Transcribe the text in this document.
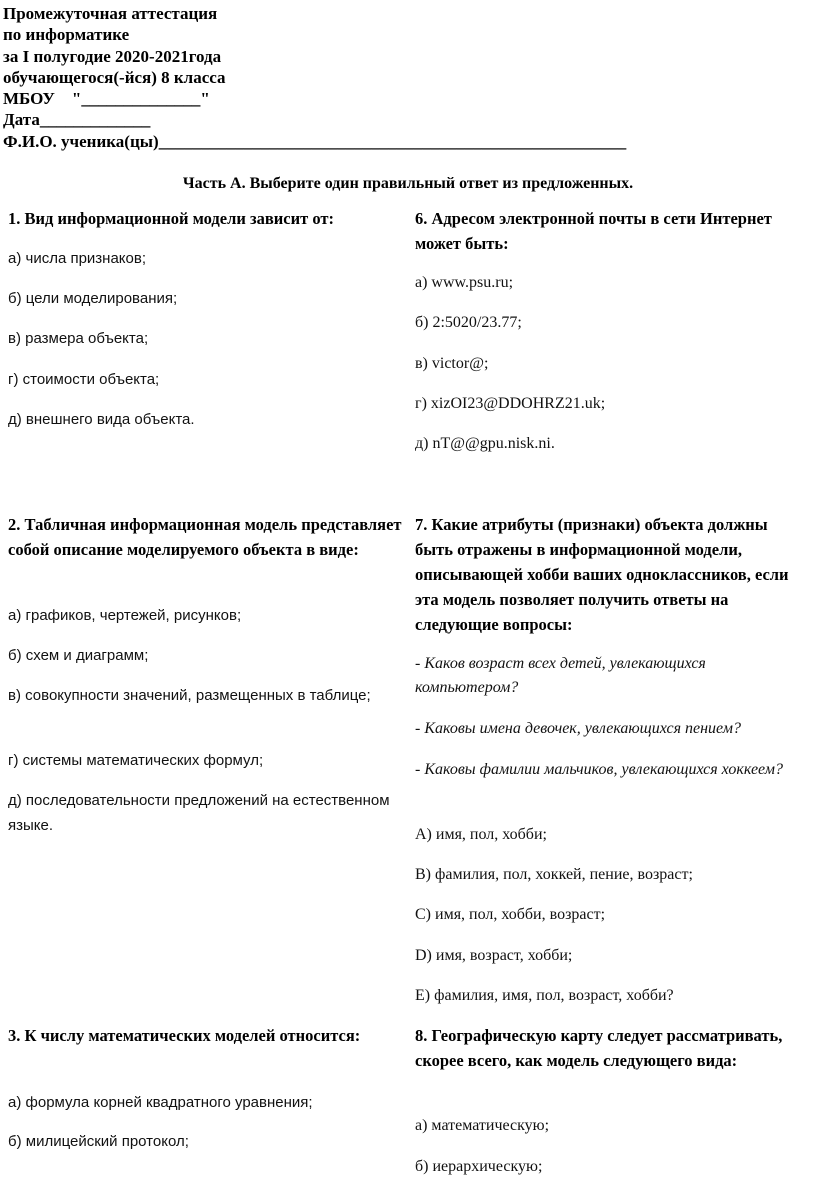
Промежуточная аттестация
по информатике
за I полугодие 2020-2021года
обучающегося(-йся) 8 класса
МБОУ    "______________"
Дата_____________
Ф.И.О. ученика(цы)_______________________________________________________
Часть А. Выберите один правильный ответ из предложенных.
1. Вид информационной модели зависит от:
а) числа признаков;
б) цели моделирования;
в) размера объекта;
г) стоимости объекта;
д) внешнего вида объекта.
2. Табличная информационная модель представляет собой описание моделируемого объекта в виде:
а) графиков, чертежей, рисунков;
б) схем и диаграмм;
в) совокупности значений, размещенных в таблице;
г) системы математических формул;
д) последовательности предложений на естественном языке.
3. К числу математических моделей относится:
а) формула корней квадратного уравнения;
б) милицейский протокол;
6. Адресом электронной почты в сети Интернет может быть:
а) www.psu.ru;
б) 2:5020/23.77;
в) victor@;
г) xizOI23@DDOHRZ21.uk;
д) nT@@gpu.nisk.ni.
7. Какие атрибуты (признаки) объекта должны быть отражены в информационной модели, описывающей хобби ваших одноклассников, если эта модель позволяет получить ответы на следующие вопросы:
- Каков возраст всех детей, увлекающихся компьютером?
- Каковы имена девочек, увлекающихся пением?
- Каковы фамилии мальчиков, увлекающихся хоккеем?
А) имя, пол, хобби;
В) фамилия, пол, хоккей, пение, возраст;
С) имя, пол, хобби, возраст;
D) имя, возраст, хобби;
Е) фамилия, имя, пол, возраст, хобби?
8. Географическую карту следует рассматривать, скорее всего, как модель следующего вида:
а) математическую;
б) иерархическую;
